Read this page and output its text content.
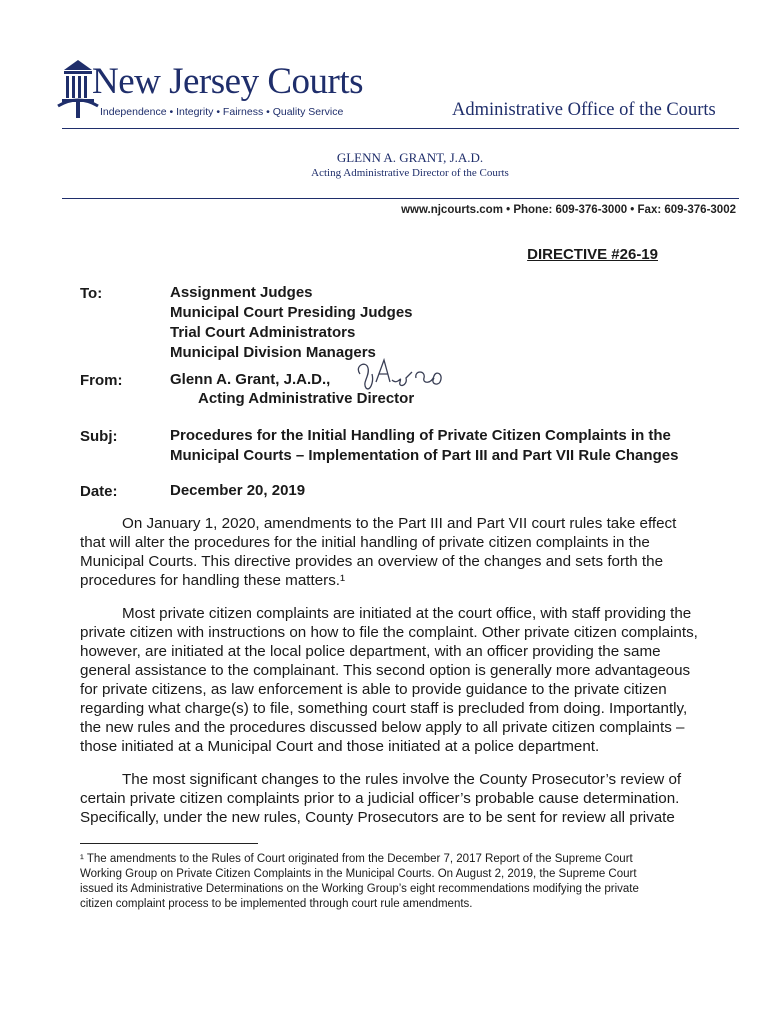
New Jersey Courts
Independence • Integrity • Fairness • Quality Service	Administrative Office of the Courts
GLENN A. GRANT, J.A.D.
Acting Administrative Director of the Courts
www.njcourts.com • Phone: 609-376-3000 • Fax: 609-376-3002
DIRECTIVE #26-19
To:	Assignment Judges
Municipal Court Presiding Judges
Trial Court Administrators
Municipal Division Managers
From:	Glenn A. Grant, J.A.D.,
Acting Administrative Director
Subj:	Procedures for the Initial Handling of Private Citizen Complaints in the
Municipal Courts – Implementation of Part III and Part VII Rule Changes
Date:	December 20, 2019
On January 1, 2020, amendments to the Part III and Part VII court rules take effect
that will alter the procedures for the initial handling of private citizen complaints in the
Municipal Courts. This directive provides an overview of the changes and sets forth the
procedures for handling these matters.¹
Most private citizen complaints are initiated at the court office, with staff providing the
private citizen with instructions on how to file the complaint. Other private citizen complaints,
however, are initiated at the local police department, with an officer providing the same
general assistance to the complainant. This second option is generally more advantageous
for private citizens, as law enforcement is able to provide guidance to the private citizen
regarding what charge(s) to file, something court staff is precluded from doing. Importantly,
the new rules and the procedures discussed below apply to all private citizen complaints –
those initiated at a Municipal Court and those initiated at a police department.
The most significant changes to the rules involve the County Prosecutor’s review of
certain private citizen complaints prior to a judicial officer’s probable cause determination.
Specifically, under the new rules, County Prosecutors are to be sent for review all private
¹ The amendments to the Rules of Court originated from the December 7, 2017 Report of the Supreme Court
Working Group on Private Citizen Complaints in the Municipal Courts. On August 2, 2019, the Supreme Court
issued its Administrative Determinations on the Working Group’s eight recommendations modifying the private
citizen complaint process to be implemented through court rule amendments.
